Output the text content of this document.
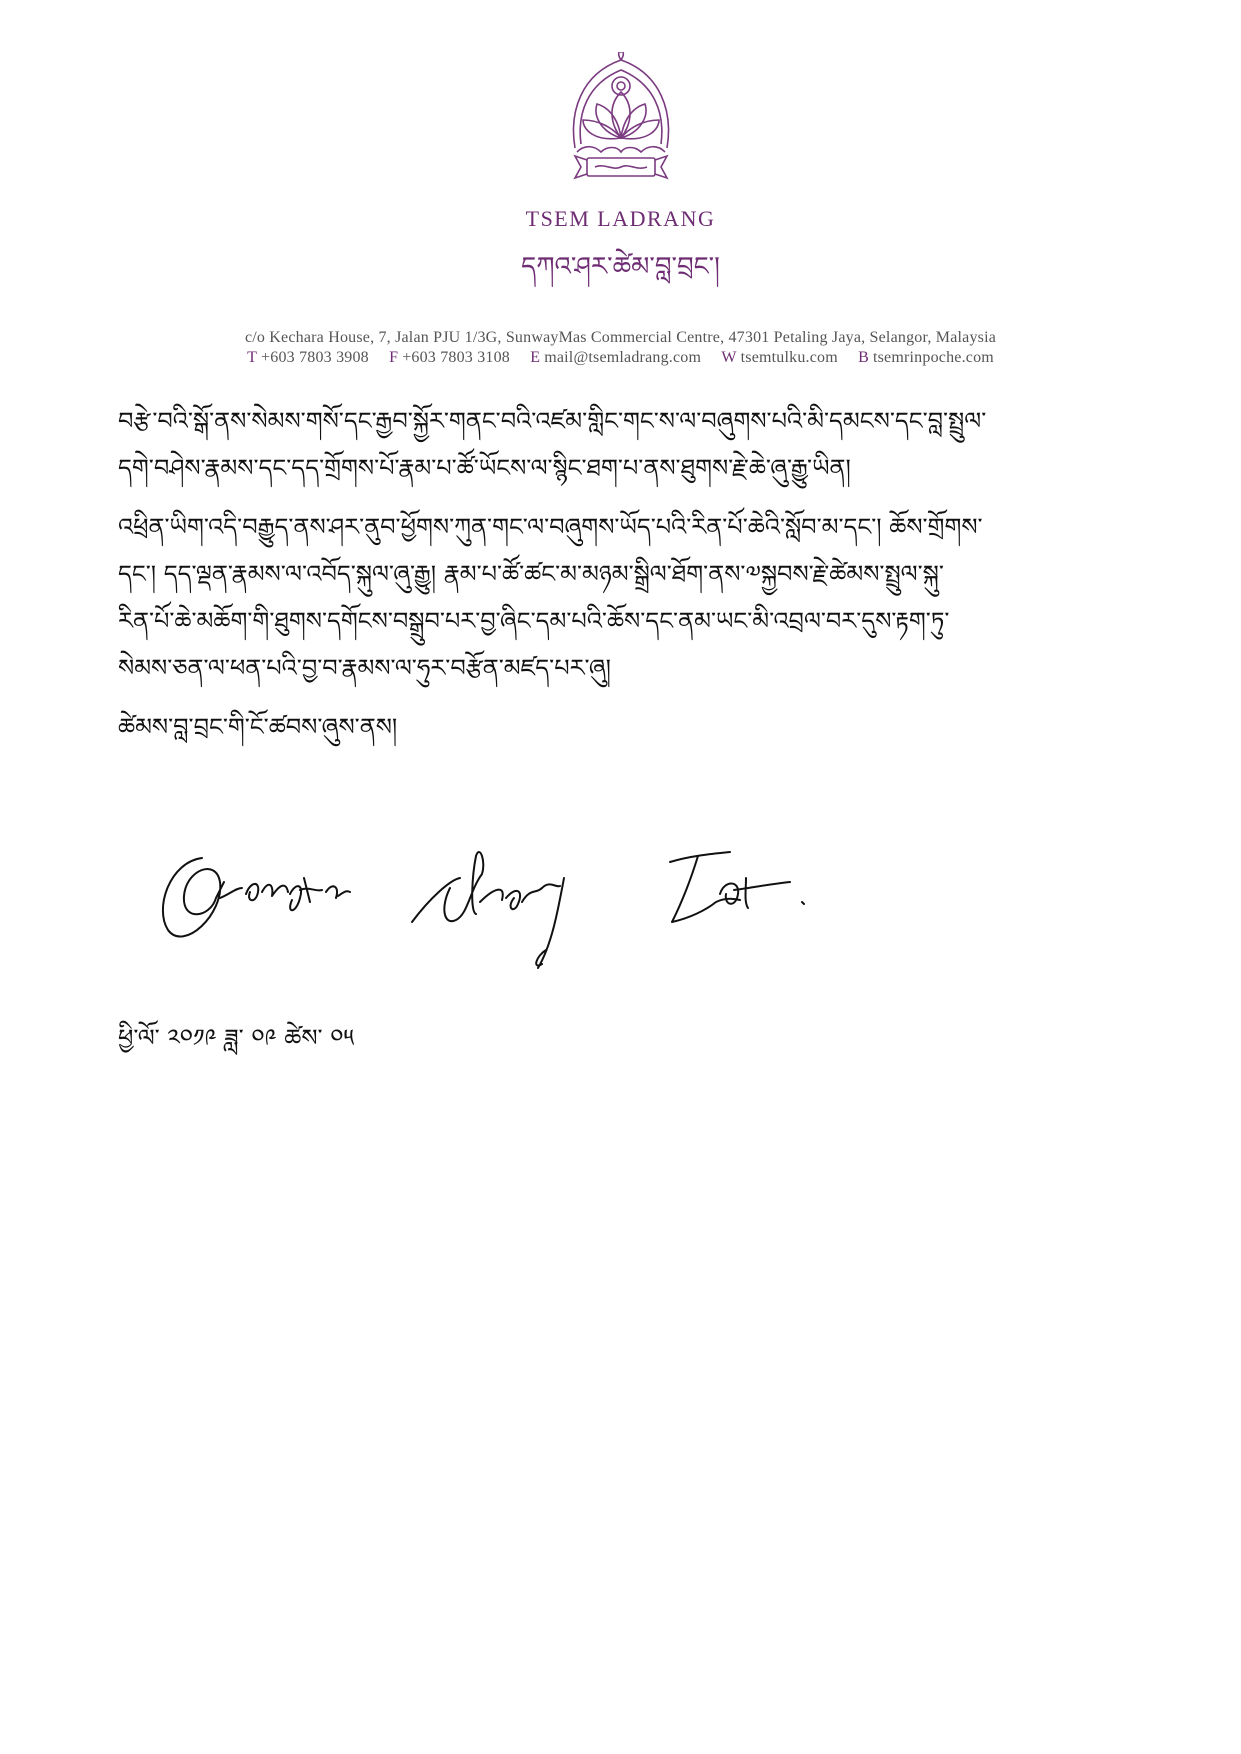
TSEM LADRANG
དཀའ་ཤར་ཚེམ་བླ་བྲང་།
c/o Kechara House, 7, Jalan PJU 1/3G, SunwayMas Commercial Centre, 47301 Petaling Jaya, Selangor, Malaysia
T +603 7803 3908 F +603 7803 3108 E mail@tsemladrang.com W tsemtulku.com B tsemrinpoche.com
བརྩེ་བའི་སྒོ་ནས་སེམས་གསོ་དང་རྒྱབ་སྐྱོར་གནང་བའི་འཛམ་གླིང་གང་ས་ལ་བཞུགས་པའི་མི་དམངས་དང་བླ་སྤྲུལ་
དགེ་བཤེས་རྣམས་དང་དད་གྲོགས་པོ་རྣམ་པ་ཚོ་ཡོངས་ལ་སྙིང་ཐག་པ་ནས་ཐུགས་རྗེ་ཆེ་ཞུ་རྒྱུ་ཡིན།
འཕྲིན་ཡིག་འདི་བརྒྱུད་ནས་ཤར་ནུབ་ཕྱོགས་ཀུན་གང་ལ་བཞུགས་ཡོད་པའི་རིན་པོ་ཆེའི་སློབ་མ་དང་། ཆོས་གྲོགས་
དང་། དད་ལྡན་རྣམས་ལ་འབོད་སྐུལ་ཞུ་རྒྱུ། རྣམ་པ་ཚོ་ཚང་མ་མཉམ་སྒྲིལ་ཐོག་ནས་༧སྐྱབས་རྗེ་ཚེམས་སྤྲུལ་སྐུ་
རིན་པོ་ཆེ་མཆོག་གི་ཐུགས་དགོངས་བསྒྲུབ་པར་བྱ་ཞིང་དམ་པའི་ཆོས་དང་ནམ་ཡང་མི་འབྲལ་བར་དུས་རྟག་ཏུ་
སེམས་ཅན་ལ་ཕན་པའི་བྱ་བ་རྣམས་ལ་ཧུར་བརྩོན་མཛད་པར་ཞུ།
ཚེམས་བླ་བྲང་གི་ངོ་ཚབས་ཞུས་ནས།
ཕྱི་ལོ་ ༢༠༡༩ ཟླ་ ༠༩ ཚེས་ ༠༥
